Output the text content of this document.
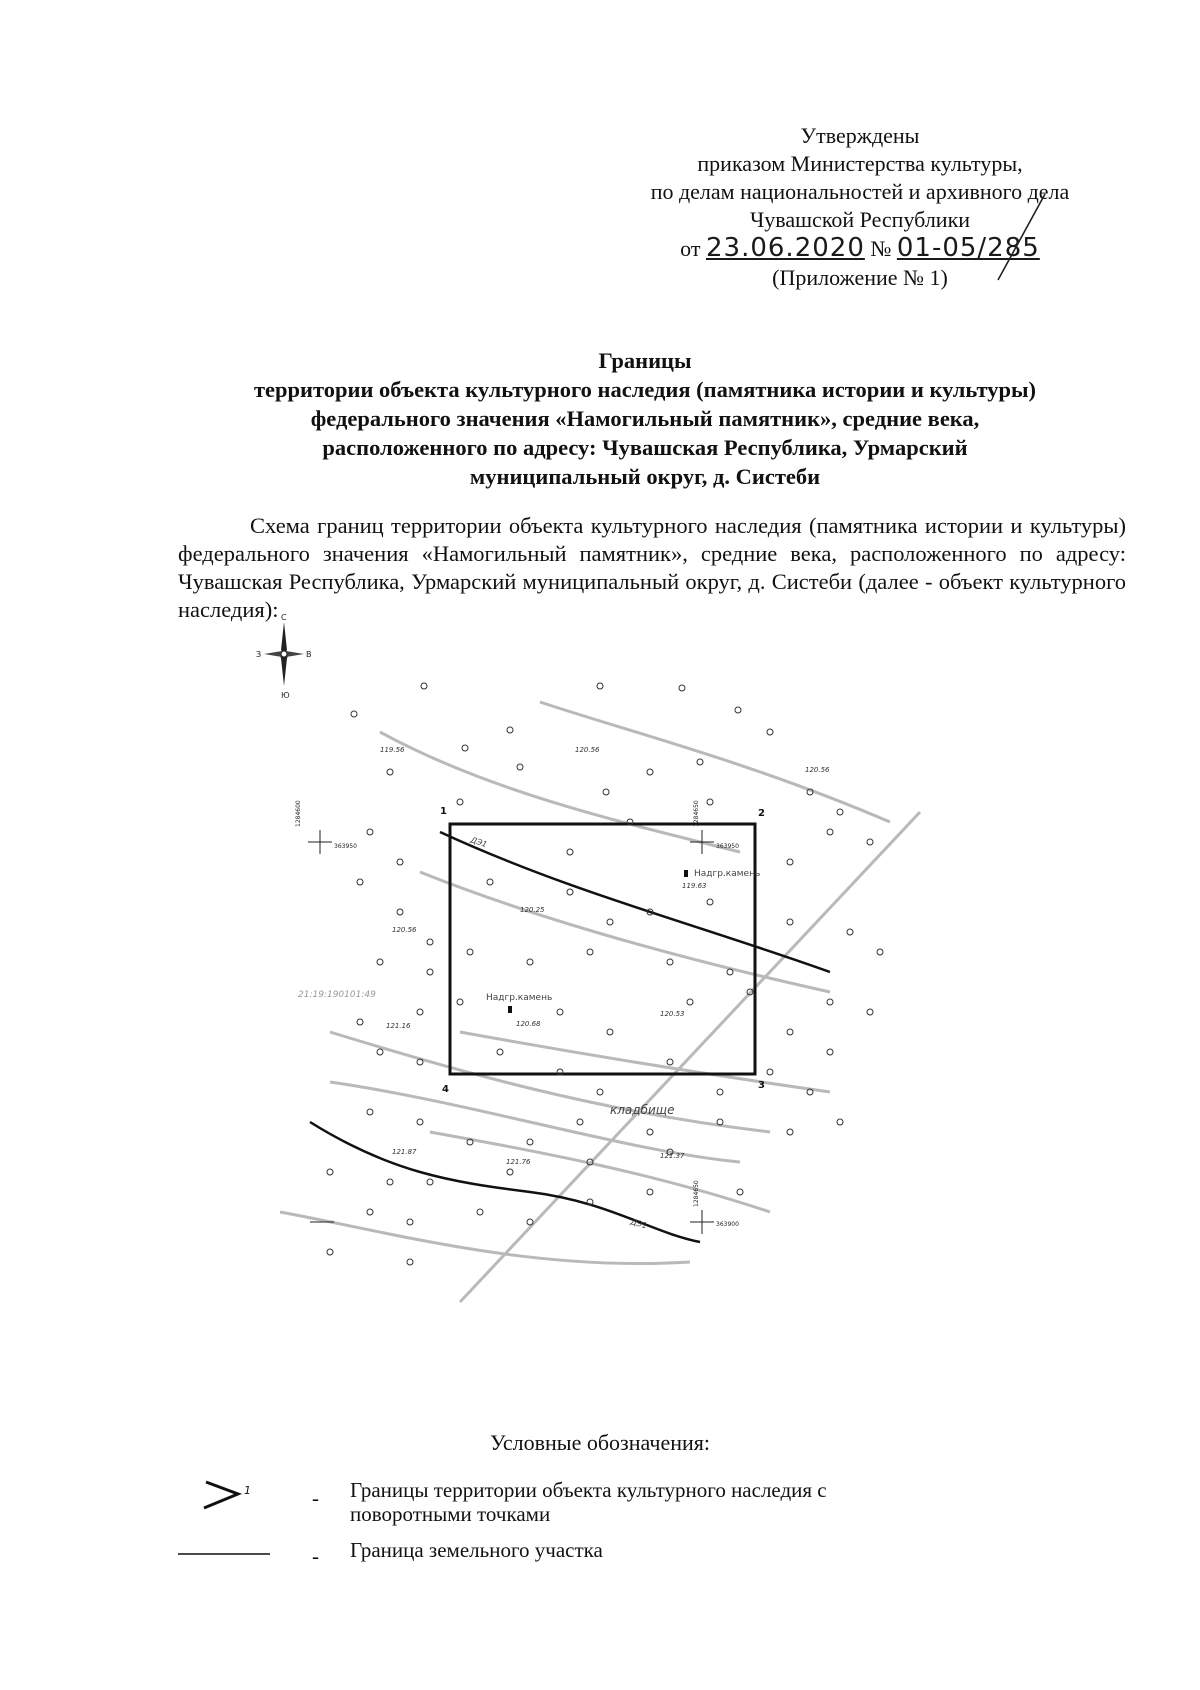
Утверждены
приказом Министерства культуры,
по делам национальностей и архивного дела
Чувашской Республики
от 23.06.2020 № 01-05/285
(Приложение № 1)
Границы
территории объекта культурного наследия (памятника истории и культуры)
федерального значения «Намогильный памятник», средние века,
расположенного по адресу: Чувашская Республика, Урмарский
муниципальный округ, д. Систеби
Схема границ территории объекта культурного наследия (памятника истории и культуры) федерального значения «Намогильный памятник», средние века, расположенного по адресу: Чувашская Республика, Урмарский муниципальный округ, д. Систеби (далее - объект культурного наследия): С
Ю
З	В
1	2
3
4
1284600
363950
1284650
363950
1284650
363900
119.56	120.56
120.56
120.25
120.56
119.63
120.68
120.53
121.16
121.87
121.76
121.37
21:19:190101:49
Надгр.камень
Надгр.камень
кладбище
ДЭ1
ДЭ1
Условные обозначения:
1	- Границы территории объекта культурного наследия с поворотными точками
- Граница земельного участка
